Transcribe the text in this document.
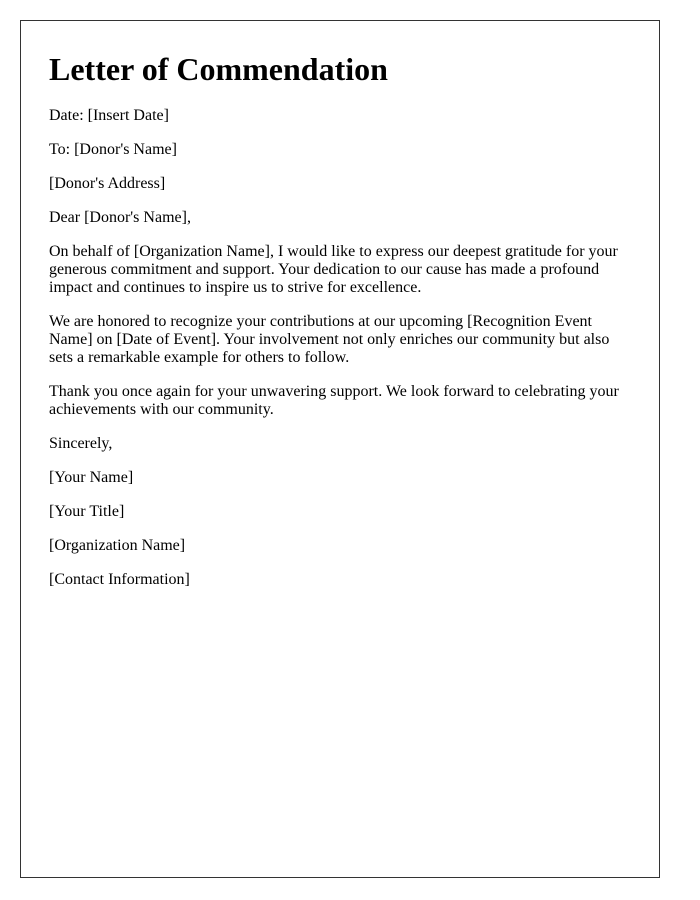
Letter of Commendation

Date: [Insert Date]

To: [Donor's Name]

[Donor's Address]

Dear [Donor's Name],

On behalf of [Organization Name], I would like to express our deepest gratitude for your generous commitment and support. Your dedication to our cause has made a profound impact and continues to inspire us to strive for excellence.

We are honored to recognize your contributions at our upcoming [Recognition Event Name] on [Date of Event]. Your involvement not only enriches our community but also sets a remarkable example for others to follow.

Thank you once again for your unwavering support. We look forward to celebrating your achievements with our community.

Sincerely,

[Your Name]

[Your Title]

[Organization Name]

[Contact Information]
